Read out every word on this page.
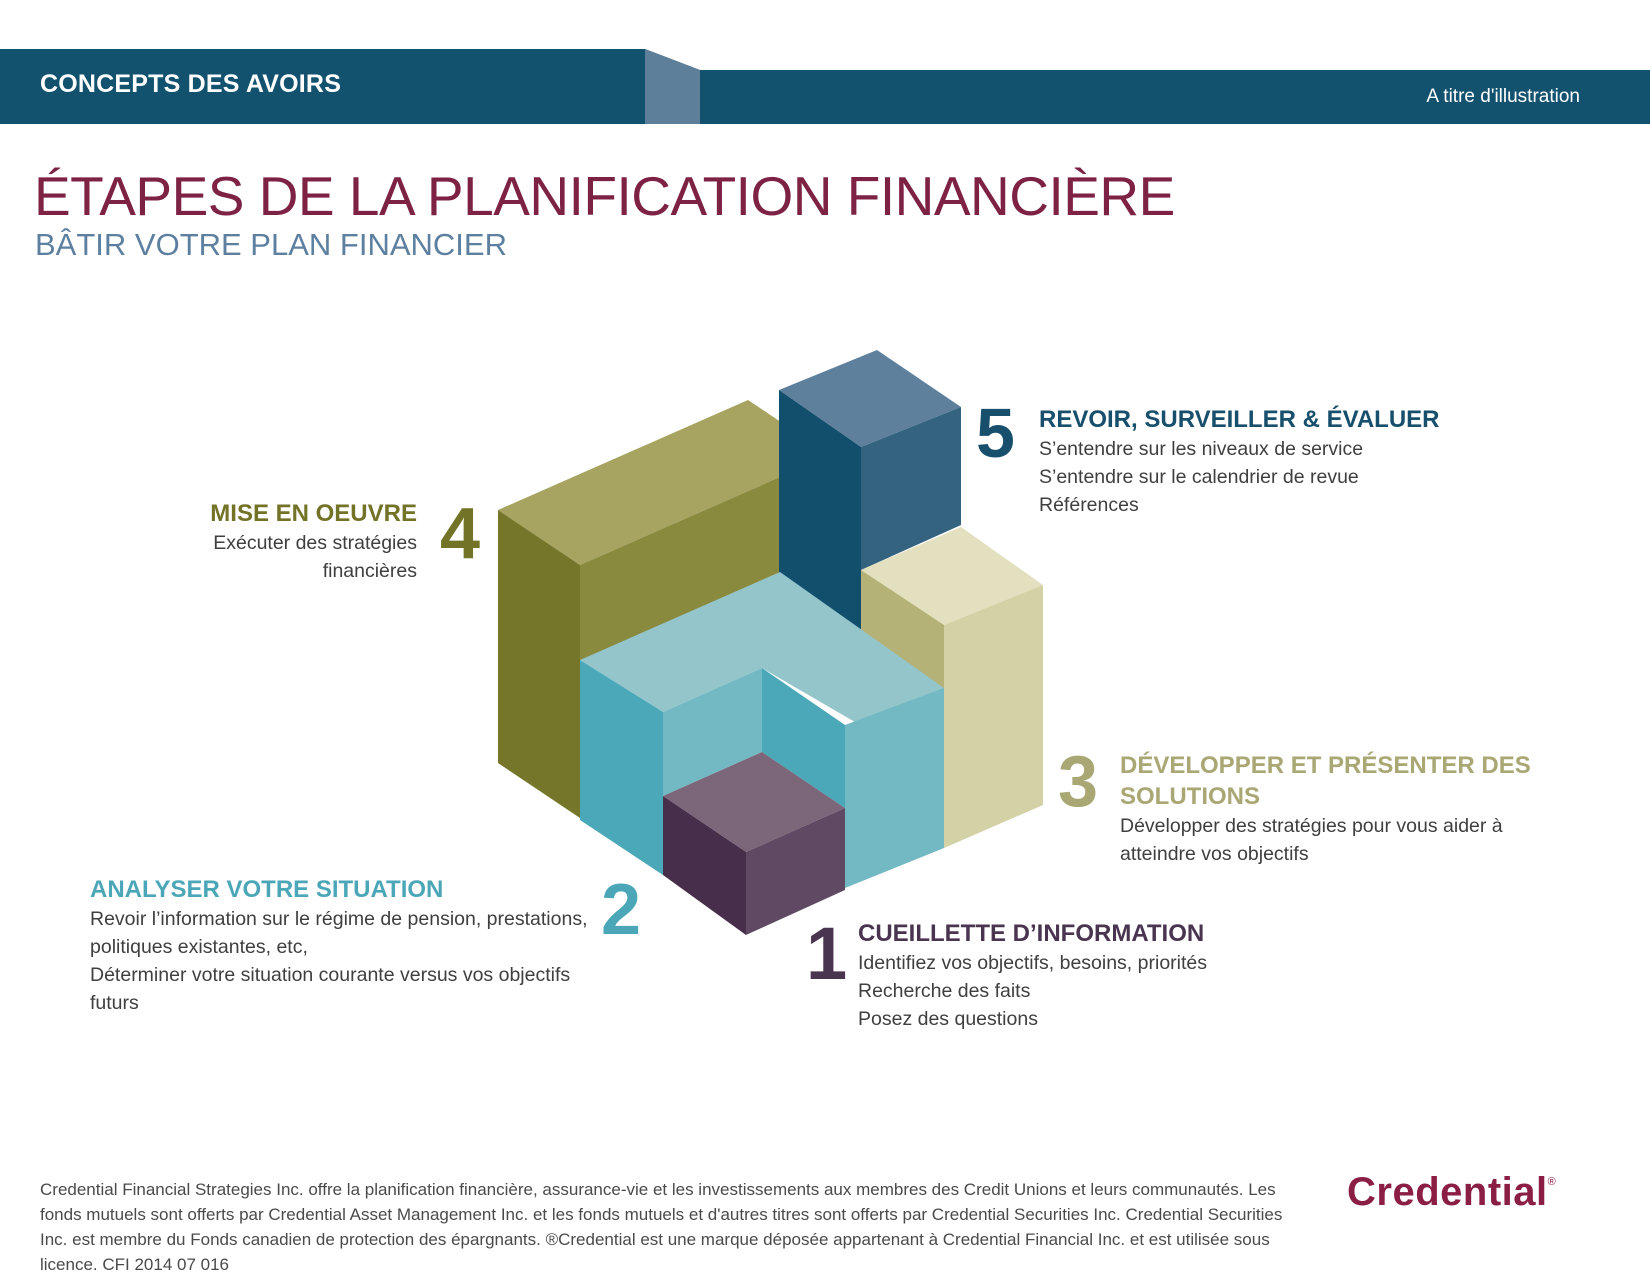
CONCEPTS DES AVOIRS	A titre d'illustration
ÉTAPES DE LA PLANIFICATION FINANCIÈRE
BÂTIR VOTRE PLAN FINANCIER
5 REVOIR, SURVEILLER & ÉVALUER
S’entendre sur les niveaux de service
S’entendre sur le calendrier de revue
Références
MISE EN OEUVRE
Exécuter des stratégies
financières 4
3 DÉVELOPPER ET PRÉSENTER DES
SOLUTIONS
Développer des stratégies pour vous aider à
atteindre vos objectifs
ANALYSER VOTRE SITUATION
Revoir l’information sur le régime de pension, prestations,
politiques existantes, etc,
Déterminer votre situation courante versus vos objectifs
futurs
2
1 CUEILLETTE D’INFORMATION
Identifiez vos objectifs, besoins, priorités
Recherche des faits
Posez des questions
Credential Financial Strategies Inc. offre la planification financière, assurance-vie et les investissements aux membres des Credit Unions et leurs communautés. Les fonds mutuels sont offerts par Credential Asset Management Inc. et les fonds mutuels et d'autres titres sont offerts par Credential Securities Inc. Credential Securities Inc. est membre du Fonds canadien de protection des épargnants. ®Credential est une marque déposée appartenant à Credential Financial Inc. et est utilisée sous licence. CFI 2014 07 016
Credential®
